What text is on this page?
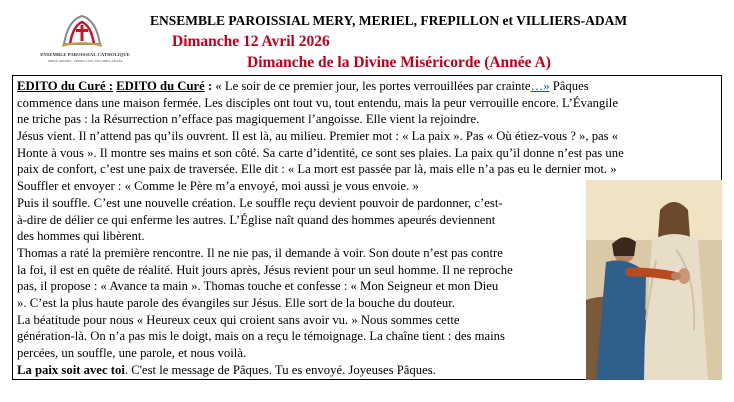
ENSEMBLE PAROISSIAL CATHOLIQUE
MERY, MERIEL, FREPILLON, VILLIERS-ADAM
ENSEMBLE PAROISSIAL MERY, MERIEL, FREPILLON et VILLIERS-ADAM
Dimanche 12 Avril 2026
Dimanche de la Divine Miséricorde (Année A)
EDITO du Curé : EDITO du Curé : « Le soir de ce premier jour, les portes verrouillées par crainte…» Pâques
commence dans une maison fermée. Les disciples ont tout vu, tout entendu, mais la peur verrouille encore. L’Évangile
ne triche pas : la Résurrection n’efface pas magiquement l’angoisse. Elle vient la rejoindre.
Jésus vient. Il n’attend pas qu’ils ouvrent. Il est là, au milieu. Premier mot : « La paix ». Pas « Où étiez-vous ? », pas «
Honte à vous ». Il montre ses mains et son côté. Sa carte d’identité, ce sont ses plaies. La paix qu’il donne n’est pas une
paix de confort, c’est une paix de traversée. Elle dit : « La mort est passée par là, mais elle n’a pas eu le dernier mot. »
Souffler et envoyer : « Comme le Père m’a envoyé, moi aussi je vous envoie. »
Puis il souffle. C’est une nouvelle création. Le souffle reçu devient pouvoir de pardonner, c’est-
à-dire de délier ce qui enferme les autres. L’Église naît quand des hommes apeurés deviennent
des hommes qui libèrent.
Thomas a raté la première rencontre. Il ne nie pas, il demande à voir. Son doute n’est pas contre
la foi, il est en quête de réalité. Huit jours après, Jésus revient pour un seul homme. Il ne reproche
pas, il propose : « Avance ta main ». Thomas touche et confesse : « Mon Seigneur et mon Dieu
». C’est la plus haute parole des évangiles sur Jésus. Elle sort de la bouche du douteur.
La béatitude pour nous « Heureux ceux qui croient sans avoir vu. » Nous sommes cette
génération-là. On n’a pas mis le doigt, mais on a reçu le témoignage. La chaîne tient : des mains
percées, un souffle, une parole, et nous voilà.
La paix soit avec toi. C'est le message de Pâques. Tu es envoyé. Joyeuses Pâques.
